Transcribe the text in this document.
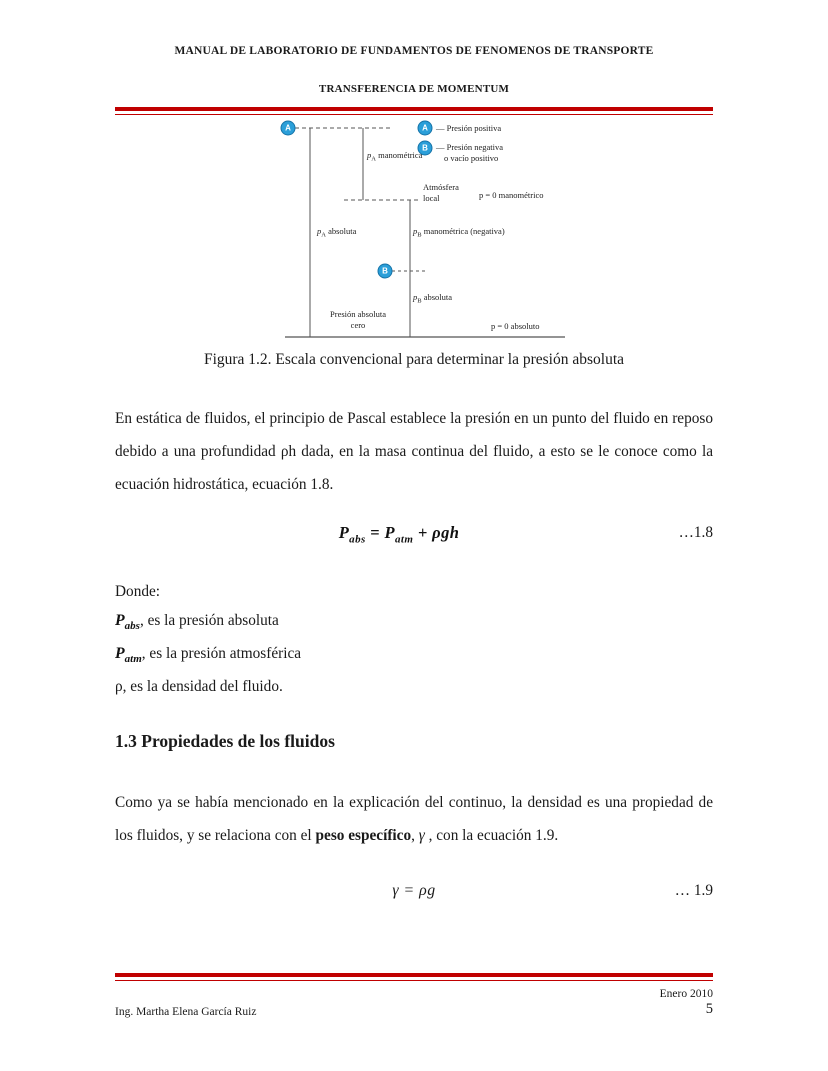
MANUAL DE LABORATORIO DE FUNDAMENTOS DE FENOMENOS DE TRANSPORTE
TRANSFERENCIA DE MOMENTUM
A
B
A
B
— Presión positiva
— Presión negativa
o vacío positivo
$p_A$ manométrica
Atmósfera
local	p = 0 manométrico
$p_A$ absoluta	$p_B$ manométrica (negativa)
$p_B$ absoluta
Presión absoluta
cero	p = 0 absoluto
Figura 1.2. Escala convencional para determinar la presión absoluta

En estática de fluidos, el principio de Pascal establece la presión en un punto del fluido en reposo debido a una profundidad ρh dada, en la masa continua del fluido, a esto se le conoce como la ecuación hidrostática, ecuación 1.8.

$P_{abs} = P_{atm} + \rho gh$	…1.8
Donde:
$P_{abs}$, es la presión absoluta
$P_{atm}$, es la presión atmosférica
ρ, es la densidad del fluido.
1.3 Propiedades de los fluidos

Como ya se había mencionado en la explicación del continuo, la densidad es una propiedad de los fluidos, y se relaciona con el peso específico, γ , con la ecuación 1.9.

γ = ρg	… 1.9
Enero 2010
Ing. Martha Elena García Ruiz	5
